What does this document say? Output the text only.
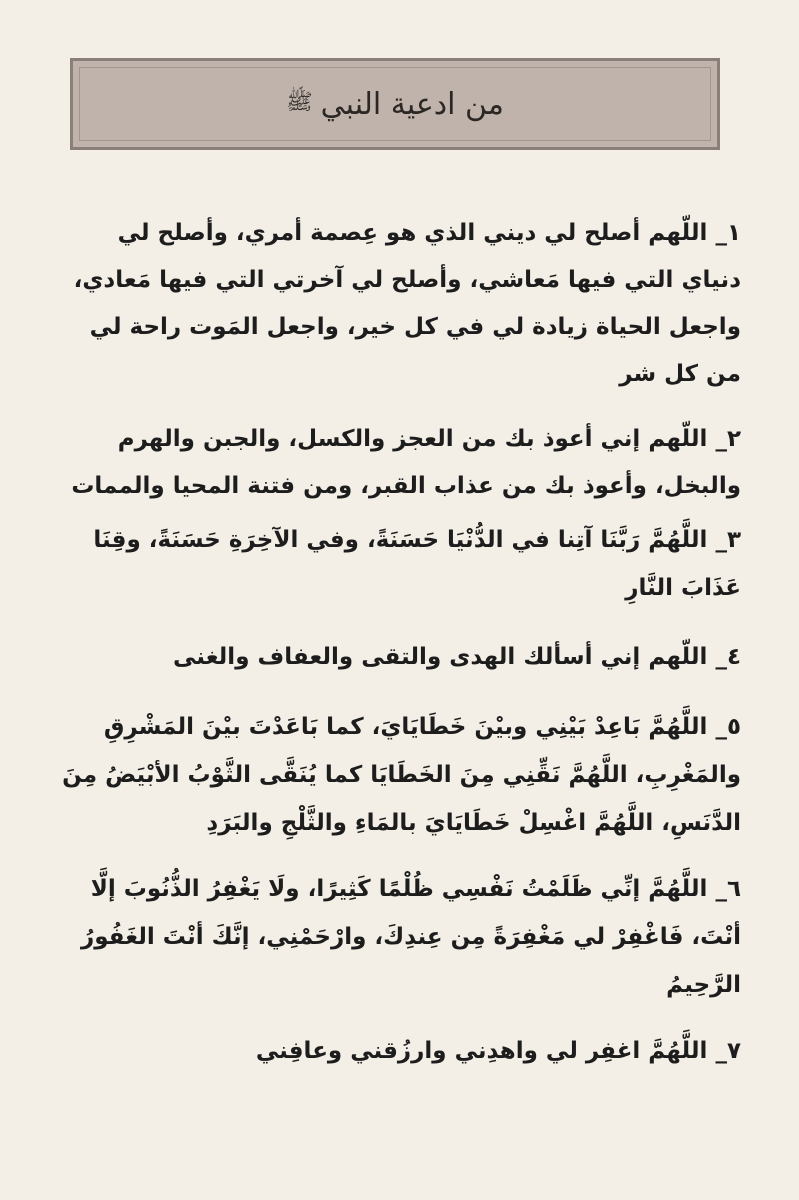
من ادعية النبي
ﷺ

١_ اللّهم أصلح لي ديني الذي هو عِصمة أمري، وأصلح لي دنياي التي فيها مَعاشي، وأصلح لي آخرتي التي فيها مَعادي، واجعل الحياة زيادة لي في كل خير، واجعل المَوت راحة لي من كل شر

٢_ اللّهم إني أعوذ بك من العجز والكسل، والجبن والهرم والبخل، وأعوذ بك من عذاب القبر، ومن فتنة المحيا والممات

٣_ اللَّهُمَّ رَبَّنَا آتِنا في الدُّنْيَا حَسَنَةً، وفي الآخِرَةِ حَسَنَةً، وقِنَا عَذَابَ النَّارِ

٤_ اللّهم إني أسألك الهدى والتقى والعفاف والغنى

٥_ اللَّهُمَّ بَاعِدْ بَيْنِي وبيْنَ خَطَايَايَ، كما بَاعَدْتَ بيْنَ المَشْرِقِ والمَغْرِبِ، اللَّهُمَّ نَقِّنِي مِنَ الخَطَايَا كما يُنَقَّى الثَّوْبُ الأبْيَضُ مِنَ الدَّنَسِ، اللَّهُمَّ اغْسِلْ خَطَايَايَ بالمَاءِ والثَّلْجِ والبَرَدِ

٦_ اللَّهُمَّ إنِّي ظَلَمْتُ نَفْسِي ظُلْمًا كَثِيرًا، ولَا يَغْفِرُ الذُّنُوبَ إلَّا أنْتَ، فَاغْفِرْ لي مَغْفِرَةً مِن عِندِكَ، وارْحَمْنِي، إنَّكَ أنْتَ الغَفُورُ الرَّحِيمُ

٧_ اللَّهُمَّ اغفِر لي واهدِني وارزُقني وعافِني
